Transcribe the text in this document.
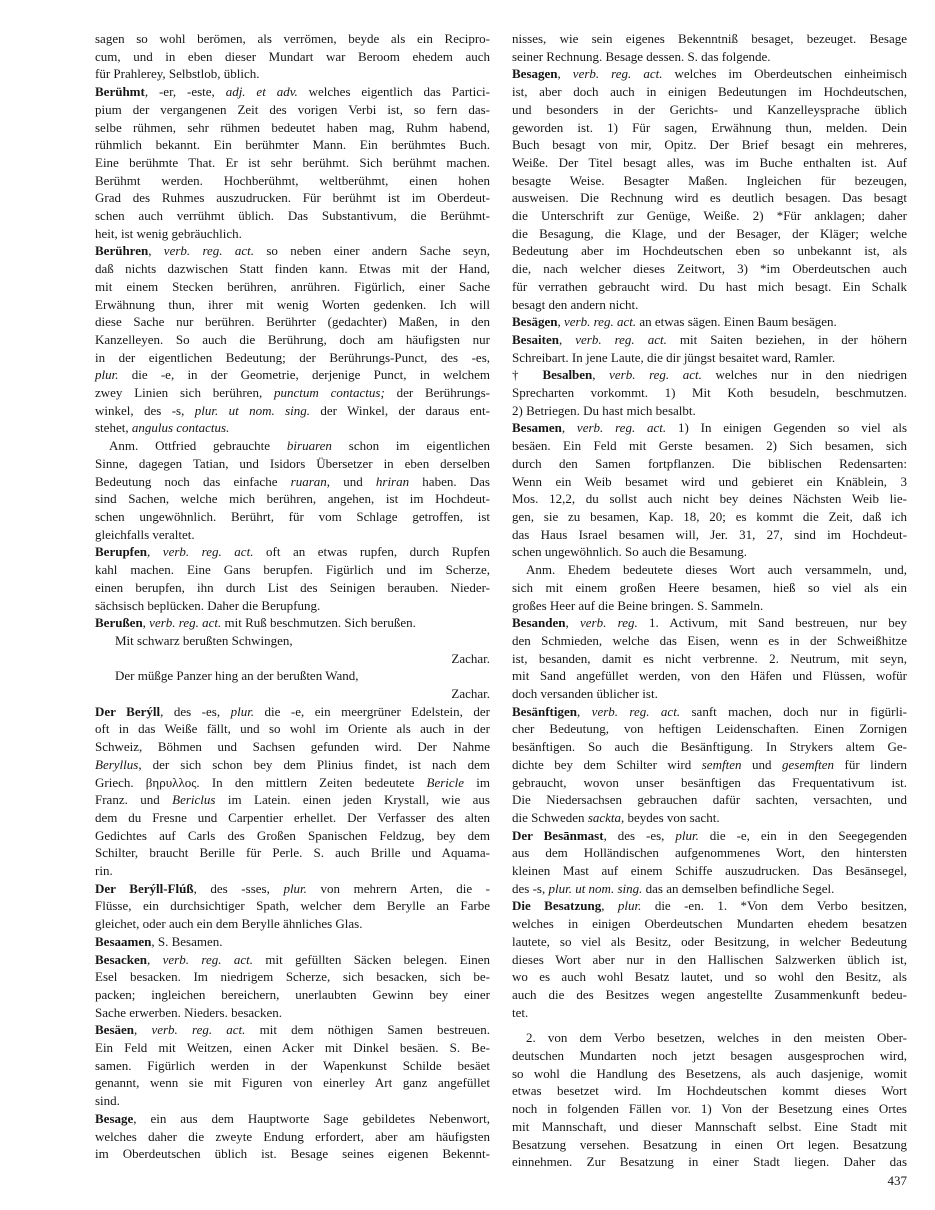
sagen so wohl berömen, als verrömen, beyde als ein Recipro-
cum, und in eben dieser Mundart war Beroom ehedem auch
für Prahlerey, Selbstlob, üblich.
Berühmt, -er, -este, adj. et adv. welches eigentlich das Partici-
pium der vergangenen Zeit des vorigen Verbi ist, so fern das-
selbe rühmen, sehr rühmen bedeutet haben mag, Ruhm habend,
rühmlich bekannt. Ein berühmter Mann. Ein berühmtes Buch.
Eine berühmte That. Er ist sehr berühmt. Sich berühmt machen.
Berühmt werden. Hochberühmt, weltberühmt, einen hohen
Grad des Ruhmes auszudrucken. Für berühmt ist im Oberdeut-
schen auch verrühmt üblich. Das Substantivum, die Berühmt-
heit, ist wenig gebräuchlich.
Berühren, verb. reg. act. so neben einer andern Sache seyn,
daß nichts dazwischen Statt finden kann. Etwas mit der Hand,
mit einem Stecken berühren, anrühren. Figürlich, einer Sache
Erwähnung thun, ihrer mit wenig Worten gedenken. Ich will
diese Sache nur berühren. Berührter (gedachter) Maßen, in den
Kanzelleyen. So auch die Berührung, doch am häufigsten nur
in der eigentlichen Bedeutung; der Berührungs-Punct, des -es,
plur. die -e, in der Geometrie, derjenige Punct, in welchem
zwey Linien sich berühren, punctum contactus; der Berührungs-
winkel, des -s, plur. ut nom. sing. der Winkel, der daraus ent-
stehet, angulus contactus.
Anm. Ottfried gebrauchte biruaren schon im eigentlichen
Sinne, dagegen Tatian, und Isidors Übersetzer in eben derselben
Bedeutung noch das einfache ruaran, und hriran haben. Das
sind Sachen, welche mich berühren, angehen, ist im Hochdeut-
schen ungewöhnlich. Berührt, für vom Schlage getroffen, ist
gleichfalls veraltet.
Berupfen, verb. reg. act. oft an etwas rupfen, durch Rupfen
kahl machen. Eine Gans berupfen. Figürlich und im Scherze,
einen berupfen, ihn durch List des Seinigen berauben. Nieder-
sächsisch beplücken. Daher die Berupfung.
Berußen, verb. reg. act. mit Ruß beschmutzen. Sich berußen.
Mit schwarz berußten Schwingen,
Zachar.
Der müßge Panzer hing an der berußten Wand,
Zachar.
Der Berýll, des -es, plur. die -e, ein meergrüner Edelstein, der
oft in das Weiße fällt, und so wohl im Oriente als auch in der
Schweiz, Böhmen und Sachsen gefunden wird. Der Nahme
Beryllus, der sich schon bey dem Plinius findet, ist nach dem
Griech. βηρυλλος. In den mittlern Zeiten bedeutete Bericle im
Franz. und Bericlus im Latein. einen jeden Krystall, wie aus
dem du Fresne und Carpentier erhellet. Der Verfasser des alten
Gedichtes auf Carls des Großen Spanischen Feldzug, bey dem
Schilter, braucht Berille für Perle. S. auch Brille und Aquama-
rin.
Der Berýll-Flúß, des -sses, plur. von mehrern Arten, die -
Flüsse, ein durchsichtiger Spath, welcher dem Berylle an Farbe
gleichet, oder auch ein dem Berylle ähnliches Glas.
Besaamen, S. Besamen.
Besacken, verb. reg. act. mit gefüllten Säcken belegen. Einen
Esel besacken. Im niedrigem Scherze, sich besacken, sich be-
packen; ingleichen bereichern, unerlaubten Gewinn bey einer
Sache erwerben. Nieders. besacken.
Besäen, verb. reg. act. mit dem nöthigen Samen bestreuen.
Ein Feld mit Weitzen, einen Acker mit Dinkel besäen. S. Be-
samen. Figürlich werden in der Wapenkunst Schilde besäet
genannt, wenn sie mit Figuren von einerley Art ganz angefüllet
sind.
Besage, ein aus dem Hauptworte Sage gebildetes Nebenwort,
welches daher die zweyte Endung erfordert, aber am häufigsten
im Oberdeutschen üblich ist. Besage seines eigenen Bekennt-
nisses, wie sein eigenes Bekenntniß besaget, bezeuget. Besage
seiner Rechnung. Besage dessen. S. das folgende.
Besagen, verb. reg. act. welches im Oberdeutschen einheimisch
ist, aber doch auch in einigen Bedeutungen im Hochdeutschen,
und besonders in der Gerichts- und Kanzelleysprache üblich
geworden ist. 1) Für sagen, Erwähnung thun, melden. Dein
Buch besagt von mir, Opitz. Der Brief besagt ein mehreres,
Weiße. Der Titel besagt alles, was im Buche enthalten ist. Auf
besagte Weise. Besagter Maßen. Ingleichen für bezeugen,
ausweisen. Die Rechnung wird es deutlich besagen. Das besagt
die Unterschrift zur Genüge, Weiße. 2) *Für anklagen; daher
die Besagung, die Klage, und der Besager, der Kläger; welche
Bedeutung aber im Hochdeutschen eben so unbekannt ist, als
die, nach welcher dieses Zeitwort, 3) *im Oberdeutschen auch
für verrathen gebraucht wird. Du hast mich besagt. Ein Schalk
besagt den andern nicht.
Besägen, verb. reg. act. an etwas sägen. Einen Baum besägen.
Besaiten, verb. reg. act. mit Saiten beziehen, in der höhern
Schreibart. In jene Laute, die dir jüngst besaitet ward, Ramler.
† Besalben, verb. reg. act. welches nur in den niedrigen
Sprecharten vorkommt. 1) Mit Koth besudeln, beschmutzen.
2) Betriegen. Du hast mich besalbt.
Besamen, verb. reg. act. 1) In einigen Gegenden so viel als
besäen. Ein Feld mit Gerste besamen. 2) Sich besamen, sich
durch den Samen fortpflanzen. Die biblischen Redensarten:
Wenn ein Weib besamet wird und gebieret ein Knäblein, 3
Mos. 12,2, du sollst auch nicht bey deines Nächsten Weib lie-
gen, sie zu besamen, Kap. 18, 20; es kommt die Zeit, daß ich
das Haus Israel besamen will, Jer. 31, 27, sind im Hochdeut-
schen ungewöhnlich. So auch die Besamung.
Anm. Ehedem bedeutete dieses Wort auch versammeln, und,
sich mit einem großen Heere besamen, hieß so viel als ein
großes Heer auf die Beine bringen. S. Sammeln.
Besanden, verb. reg. 1. Activum, mit Sand bestreuen, nur bey
den Schmieden, welche das Eisen, wenn es in der Schweißhitze
ist, besanden, damit es nicht verbrenne. 2. Neutrum, mit seyn,
mit Sand angefüllet werden, von den Häfen und Flüssen, wofür
doch versanden üblicher ist.
Besänftigen, verb. reg. act. sanft machen, doch nur in figürli-
cher Bedeutung, von heftigen Leidenschaften. Einen Zornigen
besänftigen. So auch die Besänftigung. In Strykers altem Ge-
dichte bey dem Schilter wird semften und gesemften für lindern
gebraucht, wovon unser besänftigen das Frequentativum ist.
Die Niedersachsen gebrauchen dafür sachten, versachten, und
die Schweden sackta, beydes von sacht.
Der Besānmast, des -es, plur. die -e, ein in den Seegegenden
aus dem Holländischen aufgenommenes Wort, den hintersten
kleinen Mast auf einem Schiffe auszudrucken. Das Besānsegel,
des -s, plur. ut nom. sing. das an demselben befindliche Segel.
Die Besatzung, plur. die -en. 1. *Von dem Verbo besitzen,
welches in einigen Oberdeutschen Mundarten ehedem besatzen
lautete, so viel als Besitz, oder Besitzung, in welcher Bedeutung
dieses Wort aber nur in den Hallischen Salzwerken üblich ist,
wo es auch wohl Besatz lautet, und so wohl den Besitz, als
auch die des Besitzes wegen angestellte Zusammenkunft bedeu-
tet.
2. von dem Verbo besetzen, welches in den meisten Ober-
deutschen Mundarten noch jetzt besagen ausgesprochen wird,
so wohl die Handlung des Besetzens, als auch dasjenige, womit
etwas besetzet wird. Im Hochdeutschen kommt dieses Wort
noch in folgenden Fällen vor. 1) Von der Besetzung eines Ortes
mit Mannschaft, und dieser Mannschaft selbst. Eine Stadt mit
Besatzung versehen. Besatzung in einen Ort legen. Besatzung
einnehmen. Zur Besatzung in einer Stadt liegen. Daher das
437
